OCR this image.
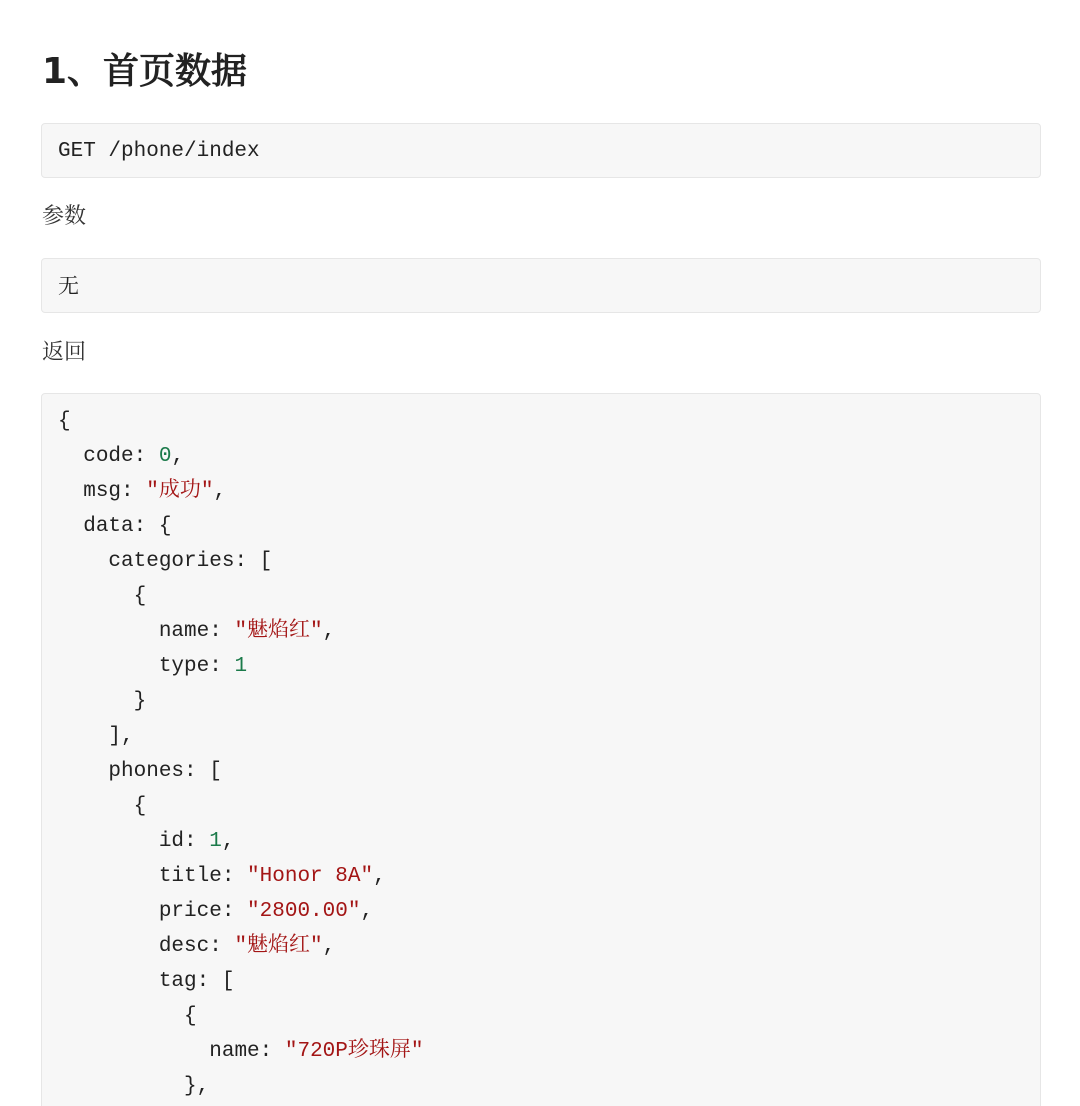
1、首页数据
GET /phone/index
参数
无
返回
{
code: 0,
msg: "成功",
data: {
categories: [
{
name: "魅焰红",
type: 1
}
],
phones: [
{
id: 1,
title: "Honor 8A",
price: "2800.00",
desc: "魅焰红",
tag: [
{
name: "720P珍珠屏"
},
